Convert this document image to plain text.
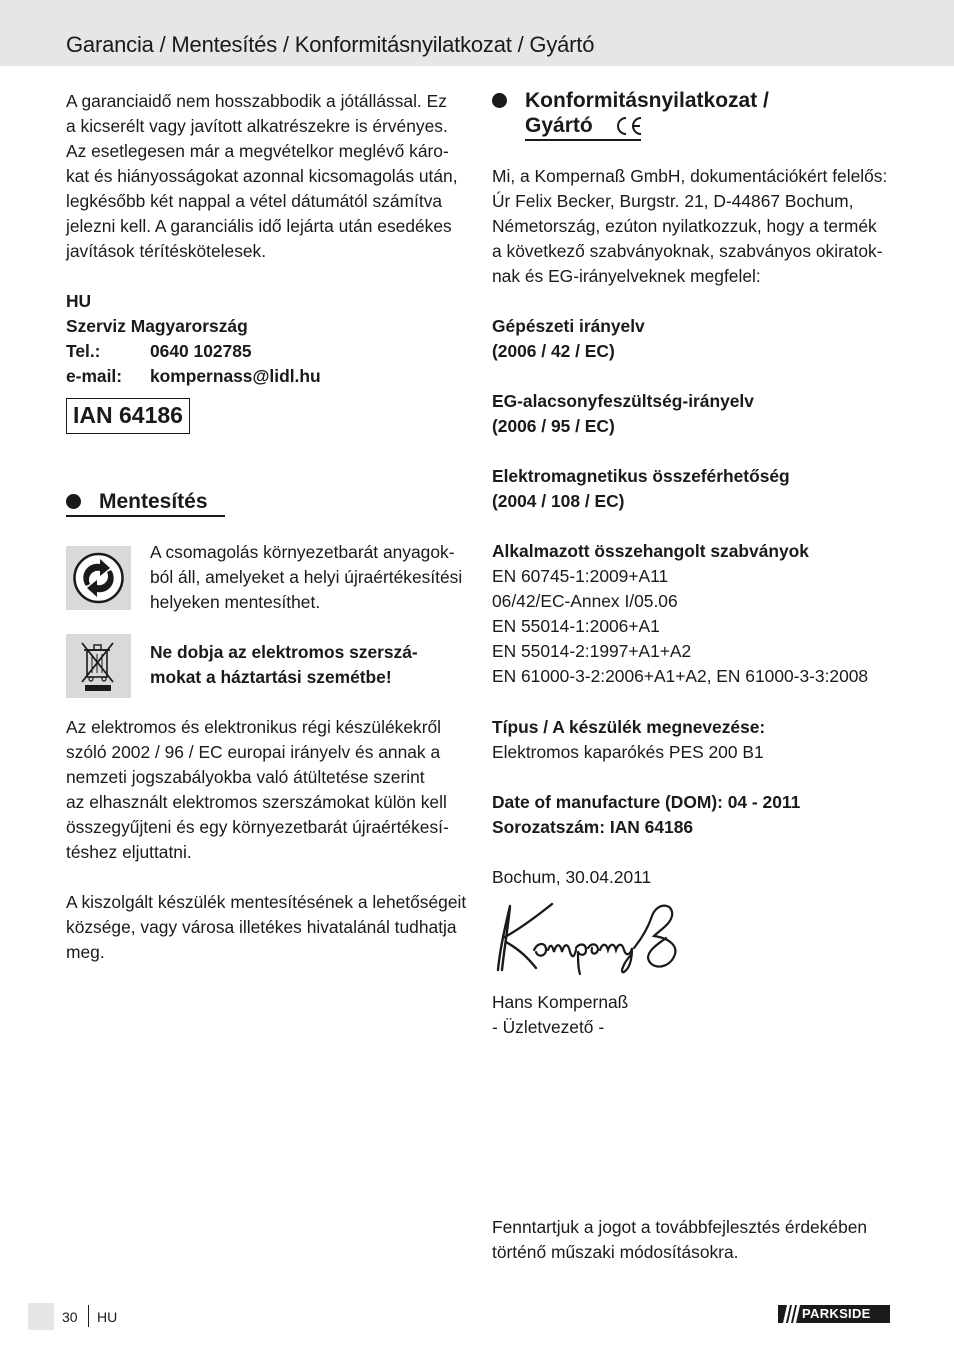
Garancia / Mentesítés / Konformitásnyilatkozat / Gyártó
A garanciaidő nem hosszabbodik a jótállással. Ez
a kicserélt vagy javított alkatrészekre is érvényes.
Az esetlegesen már a megvételkor meglévő káro-
kat és hiányosságokat azonnal kicsomagolás után,
legkésőbb két nappal a vétel dátumától számítva
jelezni kell. A garanciális idő lejárta után esedékes
javítások térítéskötelesek.
HU
Szerviz Magyarország
Tel.:	0640 102785
e-mail:	kompernass@lidl.hu
IAN 64186
Mentesítés
A csomagolás környezetbarát anyagok-
ból áll, amelyeket a helyi újraértékesítési
helyeken mentesíthet.
Ne dobja az elektromos szerszá-
mokat a háztartási szemétbe!
Az elektromos és elektronikus régi készülékekről
szóló 2002 / 96 / EC europai irányelv és annak a
nemzeti jogszabályokba való átültetése szerint
az elhasznált elektromos szerszámokat külön kell
összegyűjteni és egy környezetbarát újraértékesí-
téshez eljuttatni.
A kiszolgált készülék mentesítésének a lehetőségeit
községe, vagy városa illetékes hivatalánál tudhatja
meg.
Konformitásnyilatkozat /
Gyártó
Mi, a Kompernaß GmbH, dokumentációkért felelős:
Úr Felix Becker, Burgstr. 21, D-44867 Bochum,
Németország, ezúton nyilatkozzuk, hogy a termék
a következő szabványoknak, szabványos okiratok-
nak és EG-irányelveknek megfelel:
Gépészeti irányelv
(2006 / 42 / EC)
EG-alacsonyfeszültség-irányelv
(2006 / 95 / EC)
Elektromagnetikus összeférhetőség
(2004 / 108 / EC)
Alkalmazott összehangolt szabványok
EN 60745-1:2009+A11
06/42/EC-Annex I/05.06
EN 55014-1:2006+A1
EN 55014-2:1997+A1+A2
EN 61000-3-2:2006+A1+A2, EN 61000-3-3:2008
Típus / A készülék megnevezése:
Elektromos kaparókés PES 200 B1
Date of manufacture (DOM): 04 - 2011
Sorozatszám: IAN 64186
Bochum, 30.04.2011
Hans Kompernaß
- Üzletvezető -
Fenntartjuk a jogot a továbbfejlesztés érdekében
történő műszaki módosításokra.
30 HU	PARKSIDE
